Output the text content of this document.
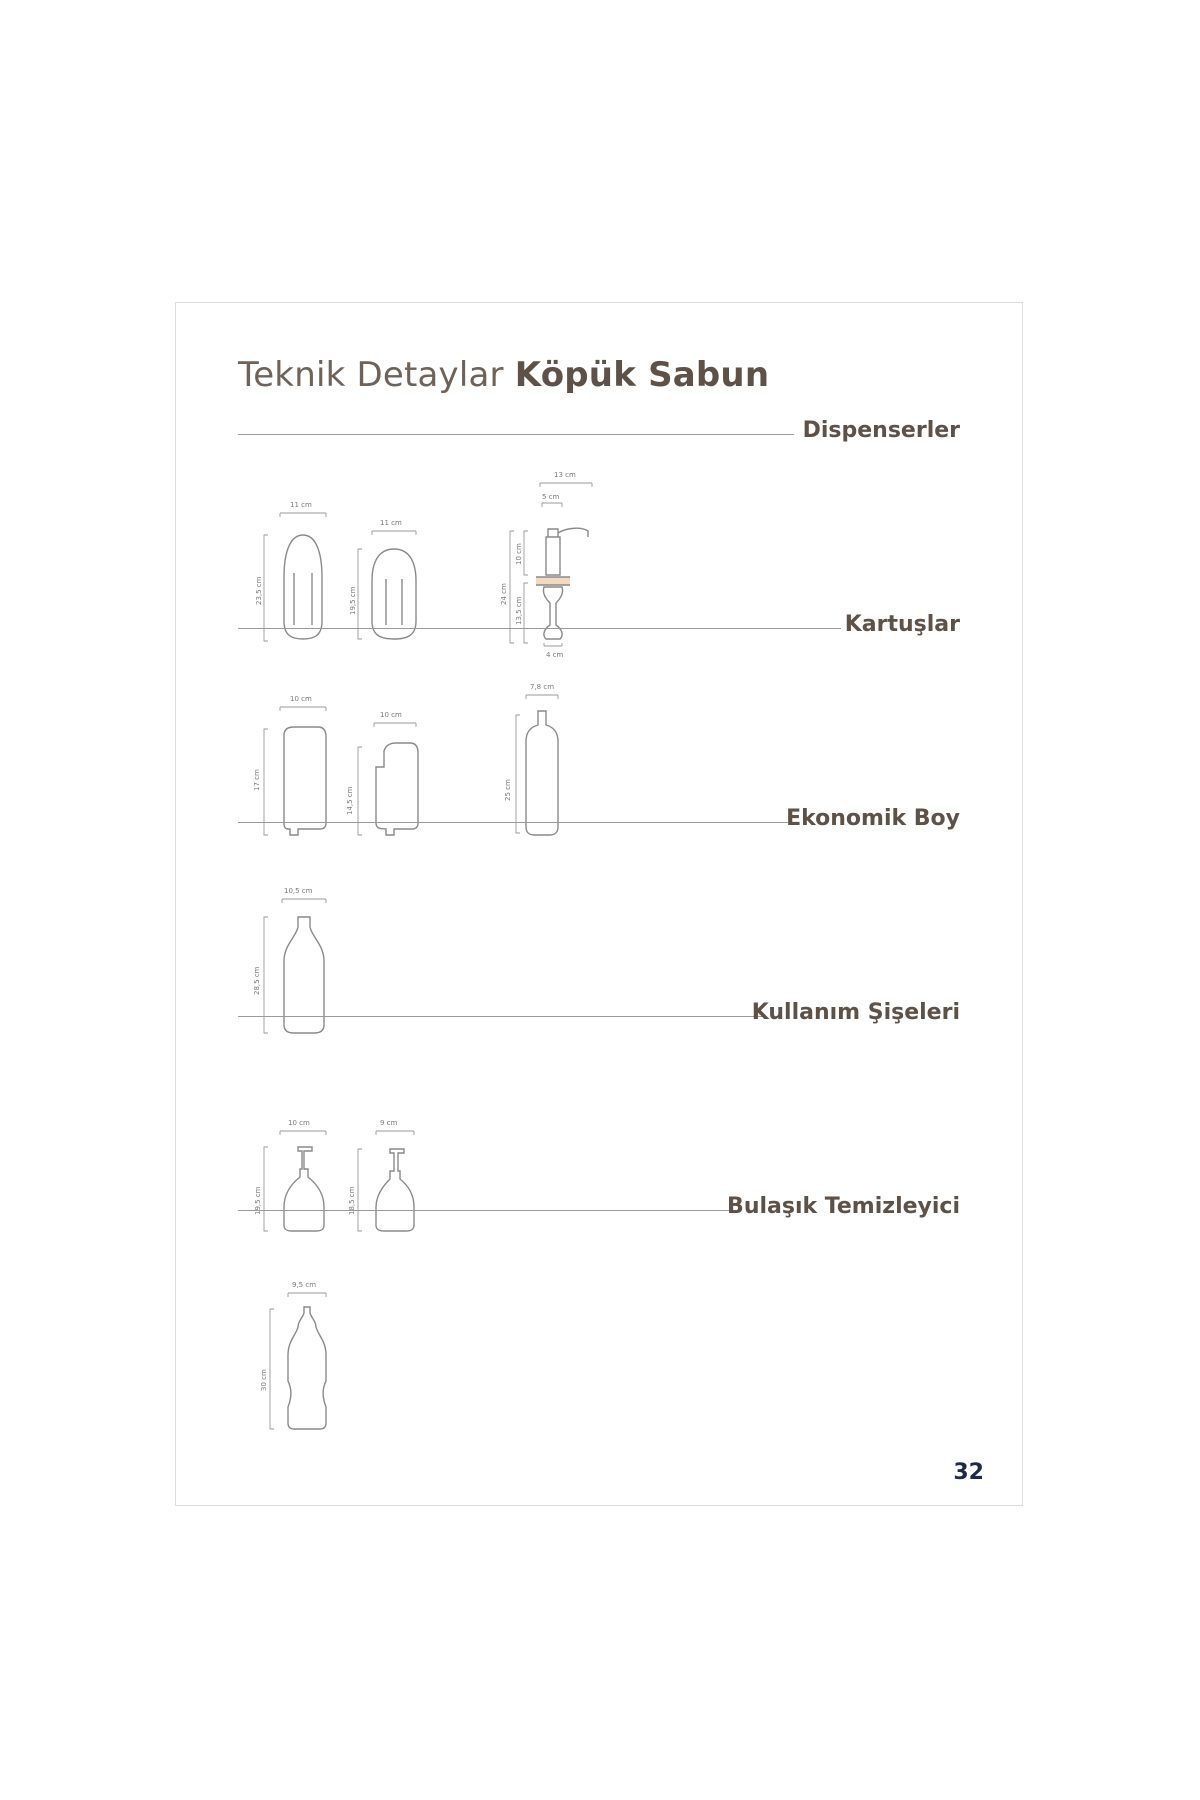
Teknik Detaylar Köpük Sabun
Dispenserler
11 cm
23,5 cm
11 cm
19,5 cm
13 cm
5 cm
24 cm
10 cm
13,5 cm
4 cm
Kartuşlar
10 cm
17 cm
10 cm
14,5 cm
7,8 cm
25 cm
Ekonomik Boy
10,5 cm
28,5 cm
Kullanım Şişeleri
10 cm
19,5 cm
9 cm
18,5 cm	Bulaşık Temizleyici
9,5 cm
30 cm
32
